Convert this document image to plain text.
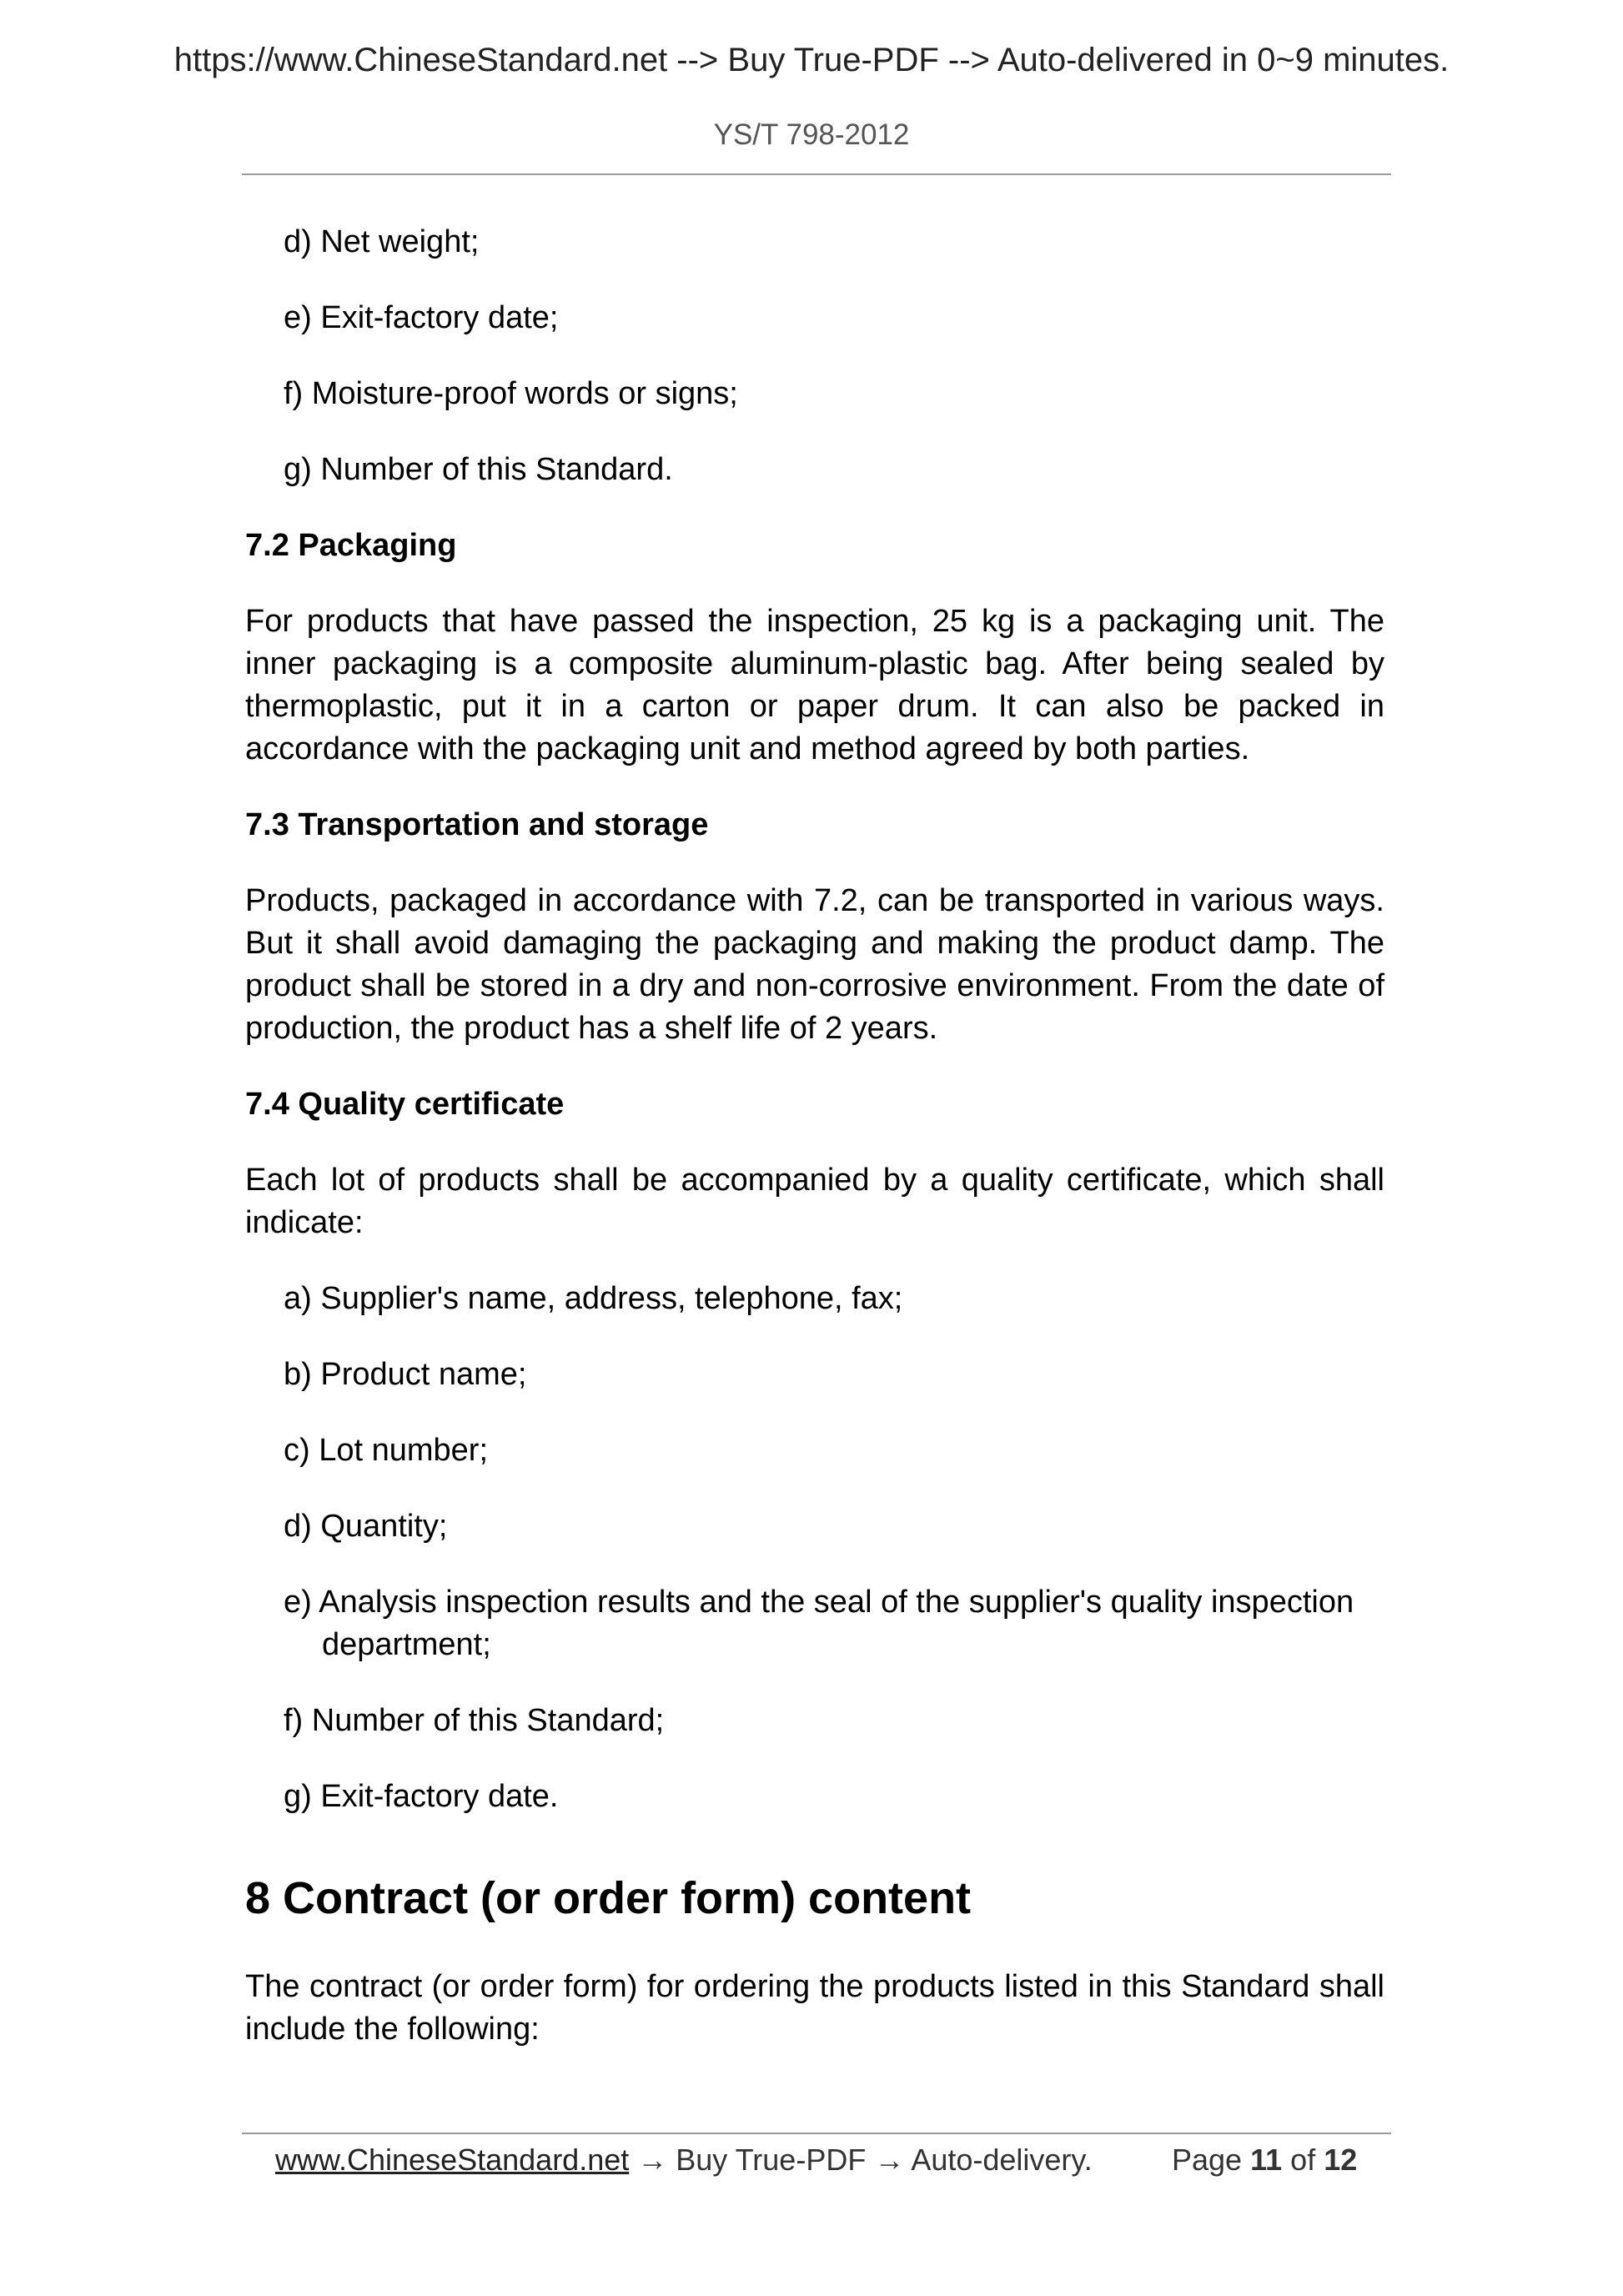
https://www.ChineseStandard.net --> Buy True-PDF --> Auto-delivered in 0~9 minutes.
YS/T 798-2012
d) Net weight;
e) Exit-factory date;
f) Moisture-proof words or signs;
g) Number of this Standard.
7.2 Packaging

For products that have passed the inspection, 25 kg is a packaging unit. The inner packaging is a composite aluminum-plastic bag. After being sealed by thermoplastic, put it in a carton or paper drum. It can also be packed in accordance with the packaging unit and method agreed by both parties.

7.3 Transportation and storage

Products, packaged in accordance with 7.2, can be transported in various ways. But it shall avoid damaging the packaging and making the product damp. The product shall be stored in a dry and non-corrosive environment. From the date of production, the product has a shelf life of 2 years.

7.4 Quality certificate

Each lot of products shall be accompanied by a quality certificate, which shall indicate:

a) Supplier's name, address, telephone, fax;
b) Product name;
c) Lot number;
d) Quantity;
e) Analysis inspection results and the seal of the supplier's quality inspection department;
f) Number of this Standard;
g) Exit-factory date.
8 Contract (or order form) content

The contract (or order form) for ordering the products listed in this Standard shall include the following:

www.ChineseStandard.net → Buy True-PDF → Auto-delivery.	Page 11 of 12
